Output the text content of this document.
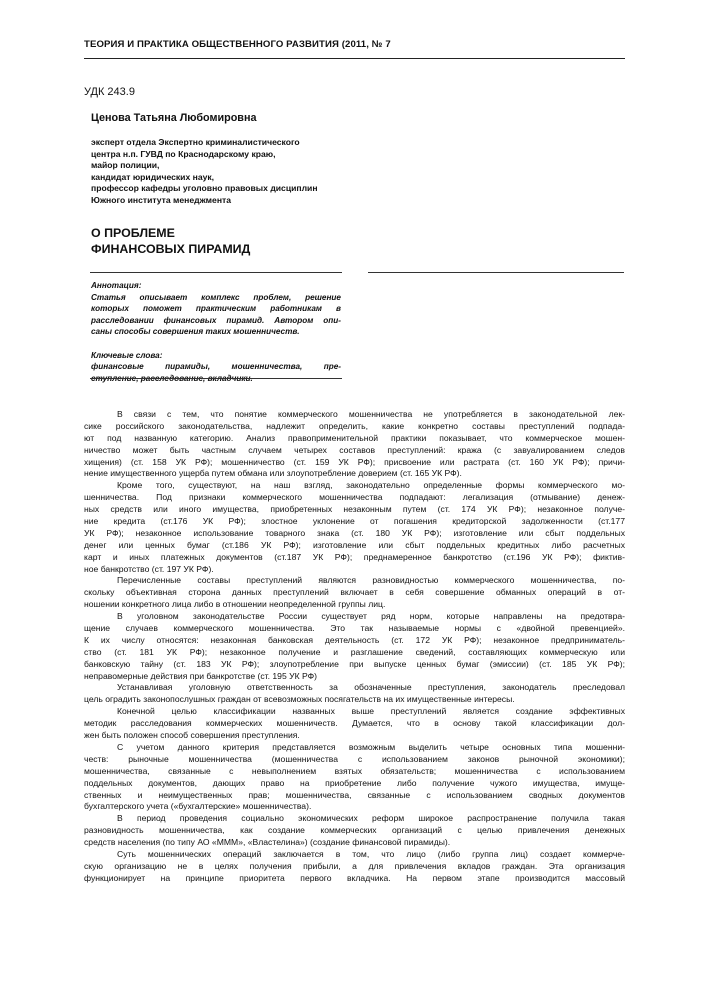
ТЕОРИЯ И ПРАКТИКА ОБЩЕСТВЕННОГО РАЗВИТИЯ (2011, № 7
УДК 243.9
Ценова Татьяна Любомировна
эксперт отдела Экспертно криминалистического
центра н.п. ГУВД по Краснодарскому краю,
майор полиции,
кандидат юридических наук,
профессор кафедры уголовно правовых дисциплин
Южного института менеджмента
О ПРОБЛЕМЕ
ФИНАНСОВЫХ ПИРАМИД
Аннотация:
Статья описывает комплекс проблем, решение
которых поможет практическим работникам в
расследовании финансовых пирамид. Автором опи-
саны способы совершения таких мошенничеств.
Ключевые слова:
финансовые пирамиды, мошенничества, пре-
ступление, расследование, вкладчики.
В связи с тем, что понятие коммерческого мошенничества не употребляется в законодательной лек-
сике российского законодательства, надлежит определить, какие конкретно составы преступлений подпада-
ют под названную категорию. Анализ правоприменительной практики показывает, что коммерческое мошен-
ничество может быть частным случаем четырех составов преступлений: кража (с завуалированием следов
хищения) (ст. 158 УК РФ); мошенничество (ст. 159 УК РФ); присвоение или растрата (ст. 160 УК РФ); причи-
нение имущественного ущерба путем обмана или злоупотребление доверием (ст. 165 УК РФ).
Кроме того, существуют, на наш взгляд, законодательно определенные формы коммерческого мо-
шенничества. Под признаки коммерческого мошенничества подпадают: легализация (отмывание) денеж-
ных средств или иного имущества, приобретенных незаконным путем (ст. 174 УК РФ); незаконное получе-
ние кредита (ст.176 УК РФ); злостное уклонение от погашения кредиторской задолженности (ст.177
УК РФ); незаконное использование товарного знака (ст. 180 УК РФ); изготовление или сбыт поддельных
денег или ценных бумаг (ст.186 УК РФ); изготовление или сбыт поддельных кредитных либо расчетных
карт и иных платежных документов (ст.187 УК РФ); преднамеренное банкротство (ст.196 УК РФ); фиктив-
ное банкротство (ст. 197 УК РФ).
Перечисленные составы преступлений являются разновидностью коммерческого мошенничества, по-
скольку объективная сторона данных преступлений включает в себя совершение обманных операций в от-
ношении конкретного лица либо в отношении неопределенной группы лиц.
В уголовном законодательстве России существует ряд норм, которые направлены на предотвра-
щение случаев коммерческого мошенничества. Это так называемые нормы с «двойной превенцией».
К их числу относятся: незаконная банковская деятельность (ст. 172 УК РФ); незаконное предприниматель-
ство (ст. 181 УК РФ); незаконное получение и разглашение сведений, составляющих коммерческую или
банковскую тайну (ст. 183 УК РФ); злоупотребление при выпуске ценных бумаг (эмиссии) (ст. 185 УК РФ);
неправомерные действия при банкротстве (ст. 195 УК РФ)
Устанавливая уголовную ответственность за обозначенные преступления, законодатель преследовал
цель оградить законопослушных граждан от всевозможных посягательств на их имущественные интересы.
Конечной целью классификации названных выше преступлений является создание эффективных
методик расследования коммерческих мошенничеств. Думается, что в основу такой классификации дол-
жен быть положен способ совершения преступления.
С учетом данного критерия представляется возможным выделить четыре основных типа мошенни-
честв: рыночные мошенничества (мошенничества с использованием законов рыночной экономики);
мошенничества, связанные с невыполнением взятых обязательств; мошенничества с использованием
поддельных документов, дающих право на приобретение либо получение чужого имущества, имуще-
ственных и неимущественных прав; мошенничества, связанные с использованием сводных документов
бухгалтерского учета («бухгалтерские» мошенничества).
В период проведения социально экономических реформ широкое распространение получила такая
разновидность мошенничества, как создание коммерческих организаций с целью привлечения денежных
средств населения (по типу АО «МММ», «Властелина») (создание финансовой пирамиды).
Суть мошеннических операций заключается в том, что лицо (либо группа лиц) создает коммерче-
скую организацию не в целях получения прибыли, а для привлечения вкладов граждан. Эта организация
функционирует на принципе приоритета первого вкладчика. На первом этапе производится массовый
